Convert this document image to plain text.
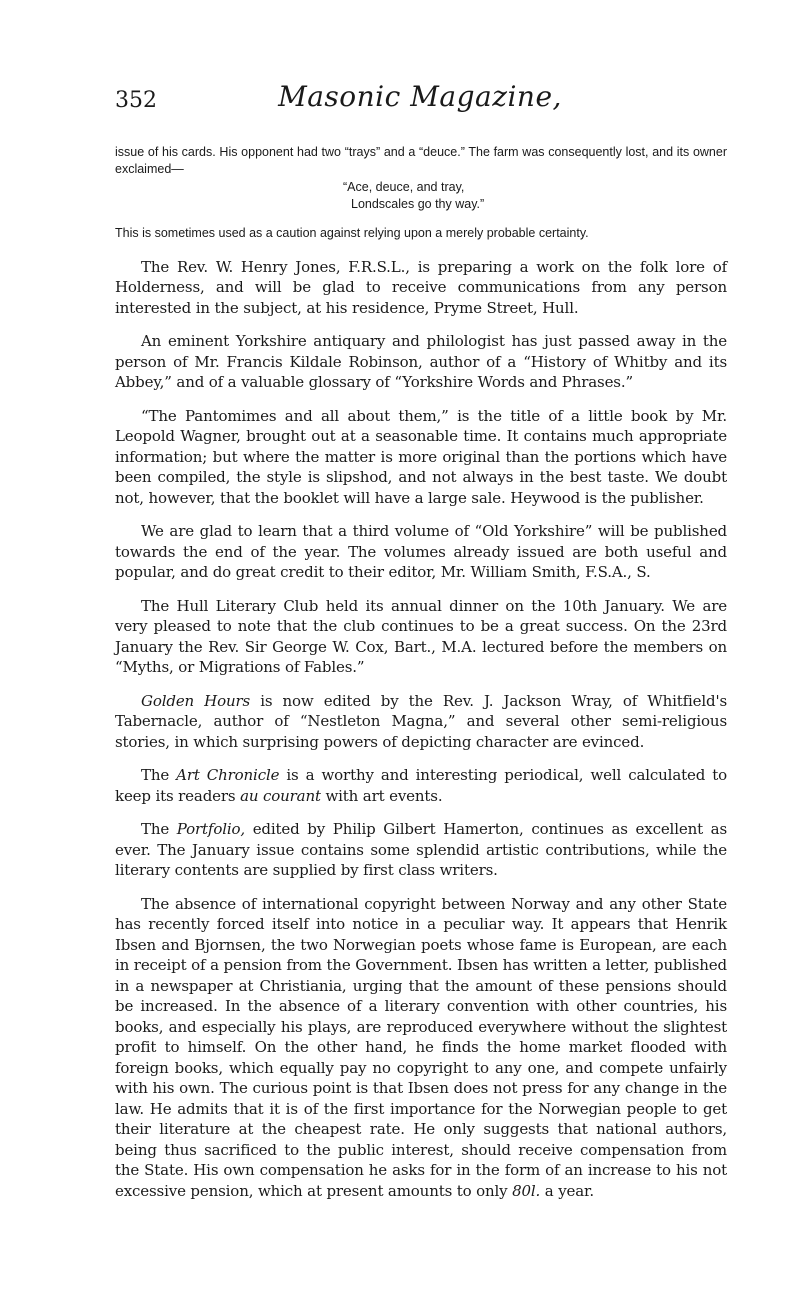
352	Masonic Magazine,

issue of his cards. His opponent had two “trays” and a “deuce.” The farm was consequently lost, and its owner exclaimed—

“Ace, deuce, and tray,
Londscales go thy way.”

This is sometimes used as a caution against relying upon a merely probable certainty.

The Rev. W. Henry Jones, F.R.S.L., is preparing a work on the folk lore of Holderness, and will be glad to receive communications from any person interested in the subject, at his residence, Pryme Street, Hull.

An eminent Yorkshire antiquary and philologist has just passed away in the person of Mr. Francis Kildale Robinson, author of a “History of Whitby and its Abbey,” and of a valuable glossary of “Yorkshire Words and Phrases.”

“The Pantomimes and all about them,” is the title of a little book by Mr. Leopold Wagner, brought out at a seasonable time. It contains much appropriate information; but where the matter is more original than the portions which have been compiled, the style is slipshod, and not always in the best taste. We doubt not, however, that the booklet will have a large sale. Heywood is the publisher.

We are glad to learn that a third volume of “Old Yorkshire” will be published towards the end of the year. The volumes already issued are both useful and popular, and do great credit to their editor, Mr. William Smith, F.S.A., S.

The Hull Literary Club held its annual dinner on the 10th January. We are very pleased to note that the club continues to be a great success. On the 23rd January the Rev. Sir George W. Cox, Bart., M.A. lectured before the members on “Myths, or Migrations of Fables.”

Golden Hours is now edited by the Rev. J. Jackson Wray, of Whitfield's Tabernacle, author of “Nestleton Magna,” and several other semi-religious stories, in which surprising powers of depicting character are evinced.

The Art Chronicle is a worthy and interesting periodical, well calculated to keep its readers au courant with art events.

The Portfolio, edited by Philip Gilbert Hamerton, continues as excellent as ever. The January issue contains some splendid artistic contributions, while the literary contents are supplied by first class writers.

The absence of international copyright between Norway and any other State has recently forced itself into notice in a peculiar way. It appears that Henrik Ibsen and Bjornsen, the two Norwegian poets whose fame is European, are each in receipt of a pension from the Government. Ibsen has written a letter, published in a newspaper at Christiania, urging that the amount of these pensions should be increased. In the absence of a literary convention with other countries, his books, and especially his plays, are reproduced everywhere without the slightest profit to himself. On the other hand, he finds the home market flooded with foreign books, which equally pay no copyright to any one, and compete unfairly with his own. The curious point is that Ibsen does not press for any change in the law. He admits that it is of the first importance for the Norwegian people to get their literature at the cheapest rate. He only suggests that national authors, being thus sacrificed to the public interest, should receive compensation from the State. His own compensation he asks for in the form of an increase to his not excessive pension, which at present amounts to only 80l. a year.
